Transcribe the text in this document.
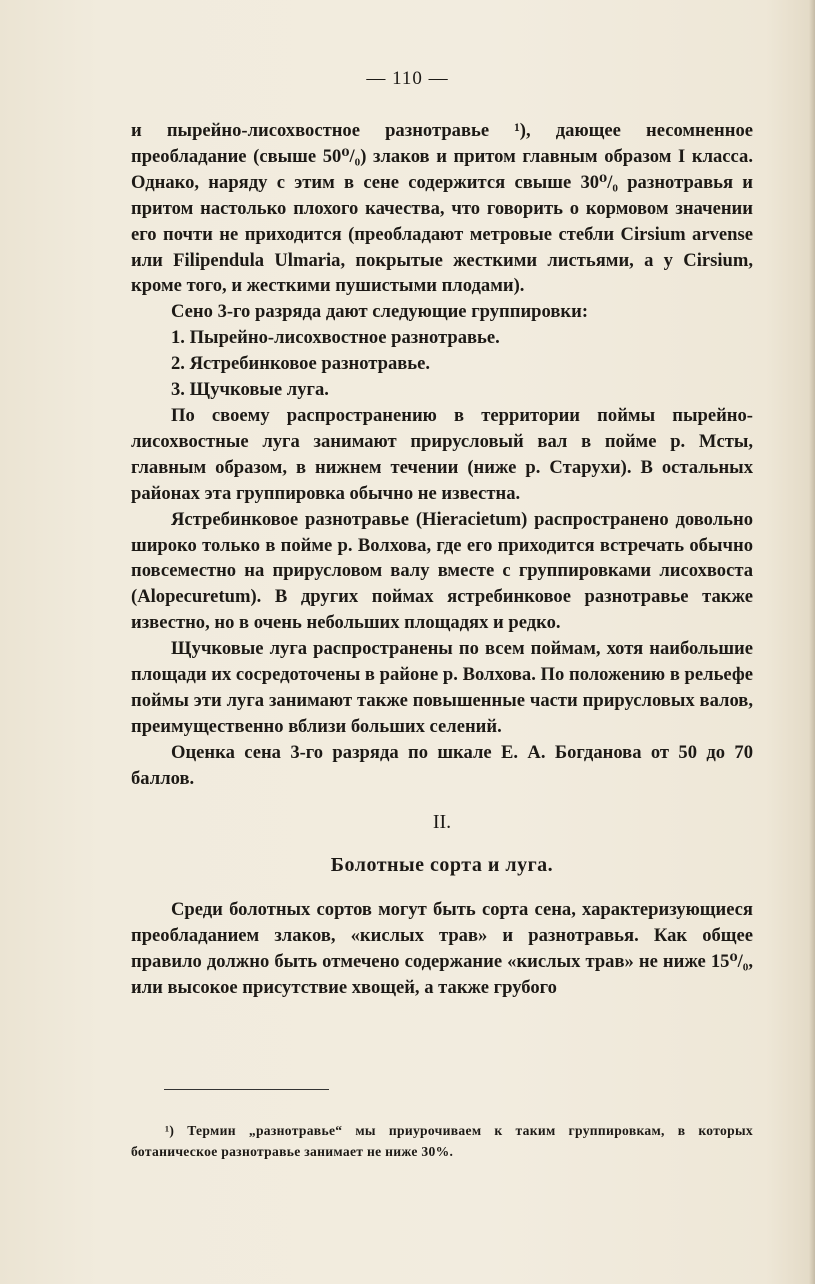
— 110 —

и пырейно-лисохвостное разнотравье ¹), дающее несомненное преобладание (свыше 50⁰/₀) злаков и притом главным образом I класса. Однако, наряду с этим в сене содержится свыше 30⁰/₀ разнотравья и притом настолько плохого качества, что говорить о кормовом значении его почти не приходится (преобладают метровые стебли Cirsium arvense или Filipendula Ulmaria, покрытые жесткими листьями, а у Cirsium, кроме того, и жесткими пушистыми плодами).

Сено 3-го разряда дают следующие группировки:

1. Пырейно-лисохвостное разнотравье.

2. Ястребинковое разнотравье.

3. Щучковые луга.

По своему распространению в территории поймы пырейно-лисохвостные луга занимают прирусловый вал в пойме р. Мсты, главным образом, в нижнем течении (ниже р. Старухи). В остальных районах эта группировка обычно не известна.

Ястребинковое разнотравье (Hieracietum) распространено довольно широко только в пойме р. Волхова, где его приходится встречать обычно повсеместно на прирусловом валу вместе с группировками лисохвоста (Alopecuretum). В других поймах ястребинковое разнотравье также известно, но в очень небольших площадях и редко.

Щучковые луга распространены по всем поймам, хотя наибольшие площади их сосредоточены в районе р. Волхова. По положению в рельефе поймы эти луга занимают также повышенные части прирусловых валов, преимущественно вблизи больших селений.

Оценка сена 3-го разряда по шкале Е. А. Богданова от 50 до 70 баллов.

II.

Болотные сорта и луга.

Среди болотных сортов могут быть сорта сена, характеризующиеся преобладанием злаков, «кислых трав» и разнотравья. Как общее правило должно быть отмечено содержание «кислых трав» не ниже 15⁰/₀, или высокое присутствие хвощей, а также грубого

¹) Термин „разнотравье“ мы приурочиваем к таким группировкам, в которых ботаническое разнотравье занимает не ниже 30%.
